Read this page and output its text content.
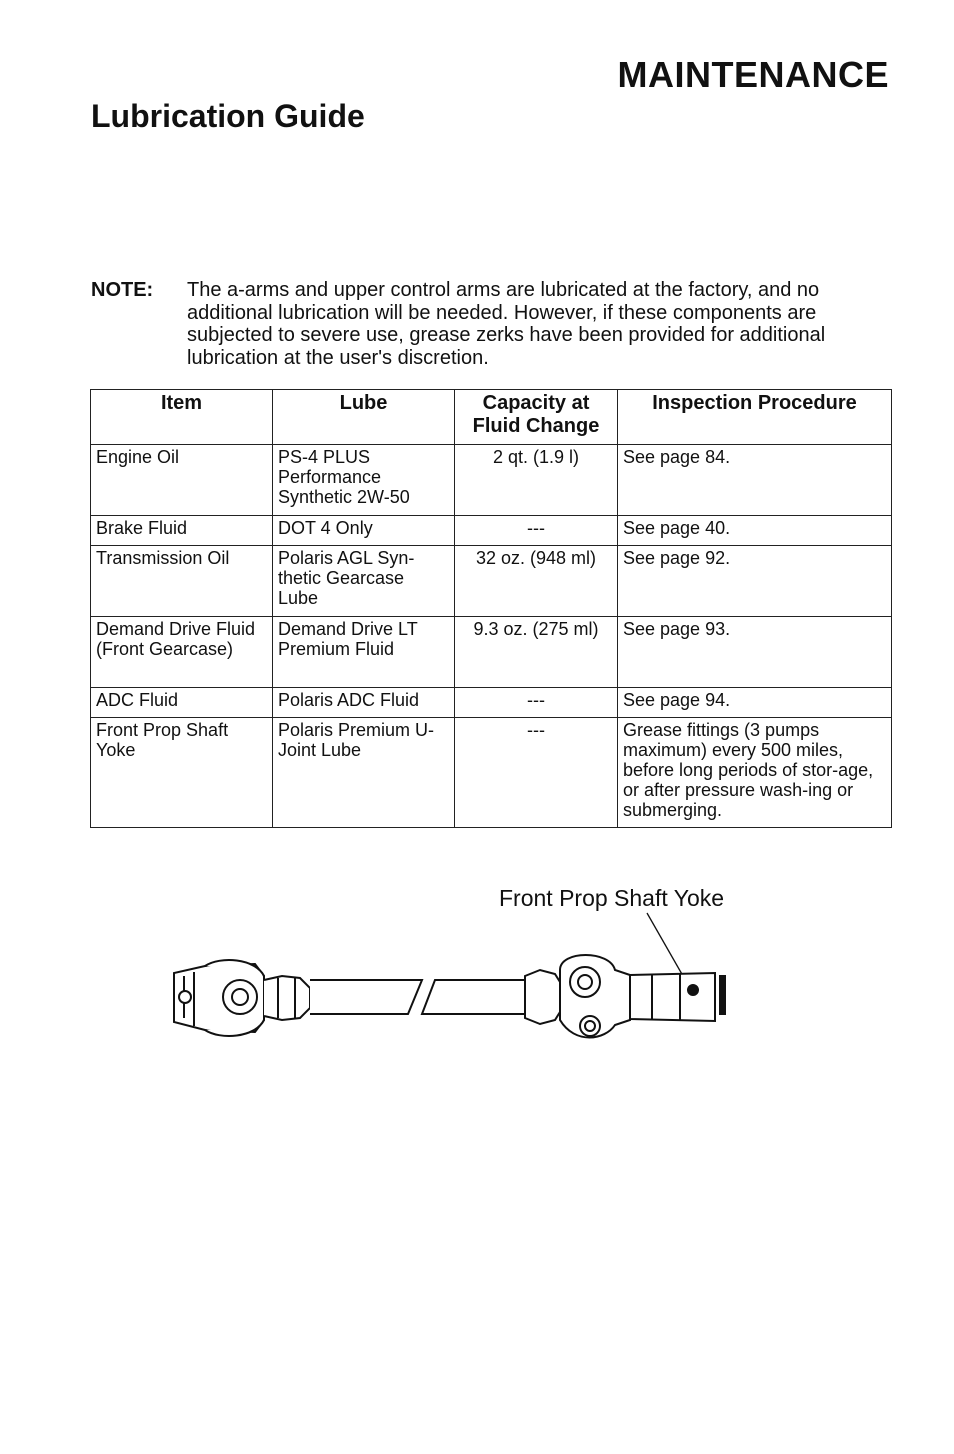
MAINTENANCE
Lubrication Guide
NOTE: The a-arms and upper control arms are lubricated at the factory, and no additional lubrication will be needed. However, if these components are subjected to severe use, grease zerks have been provided for additional lubrication at the user's discretion.
Item	Lube	Capacity at Fluid Change	Inspection Procedure
Engine Oil	PS-4 PLUS Performance Synthetic 2W-50	2 qt. (1.9 l)	See page 84.
Brake Fluid	DOT 4 Only	---	See page 40.
Transmission Oil	Polaris AGL Syn-thetic Gearcase Lube	32 oz. (948 ml)	See page 92.
Demand Drive Fluid (Front Gearcase)	Demand Drive LT Premium Fluid	9.3 oz. (275 ml)	See page 93.
ADC Fluid	Polaris ADC Fluid	---	See page 94.
Front Prop Shaft Yoke	Polaris Premium U-Joint Lube	---	Grease fittings (3 pumps maximum) every 500 miles, before long periods of stor-age, or after pressure wash-ing or submerging.
Front Prop Shaft Yoke
